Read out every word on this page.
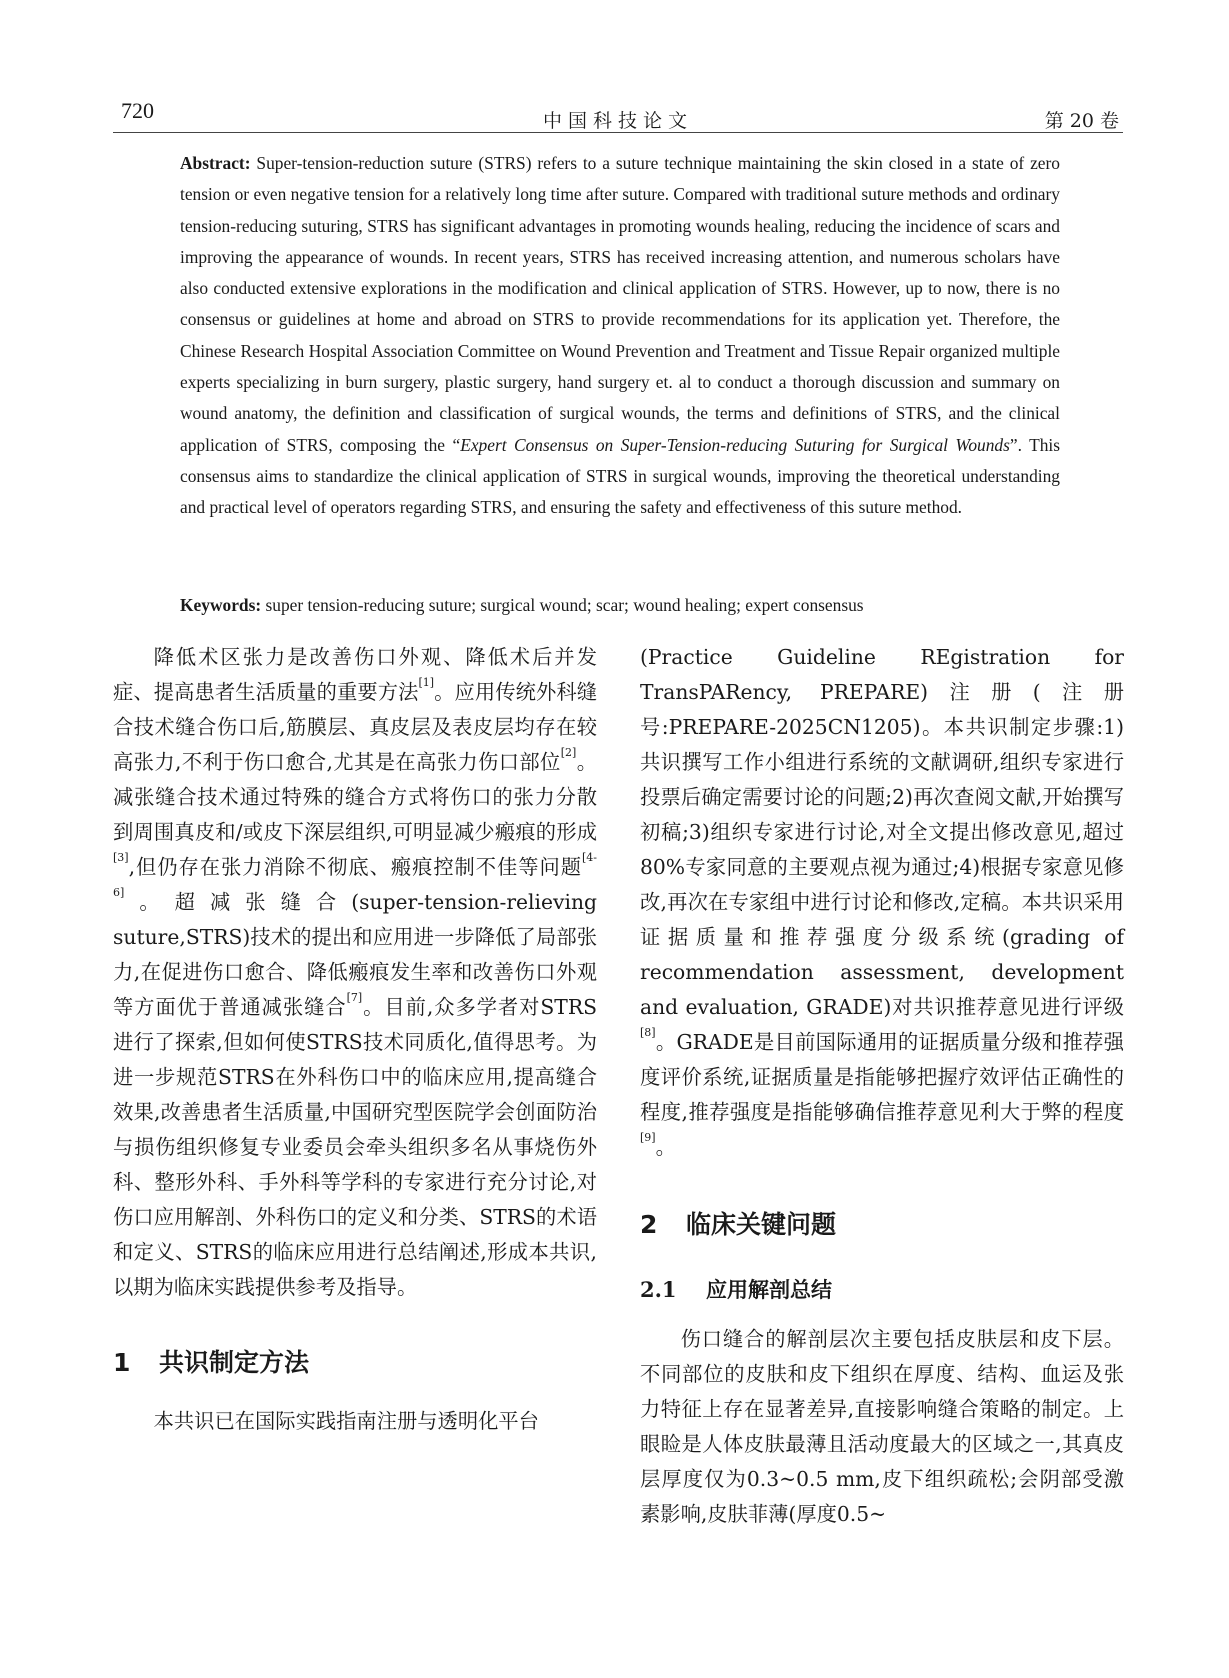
720	中国科技论文	第 20 卷
Abstract: Super-tension-reduction suture (STRS) refers to a suture technique maintaining the skin closed in a state of zero tension or even negative tension for a relatively long time after suture. Compared with traditional suture methods and ordinary tension-reducing suturing, STRS has significant advantages in promoting wounds healing, reducing the incidence of scars and improving the appearance of wounds. In recent years, STRS has received increasing attention, and numerous scholars have also conducted extensive explorations in the modification and clinical application of STRS. However, up to now, there is no consensus or guidelines at home and abroad on STRS to provide recommendations for its application yet. Therefore, the Chinese Research Hospital Association Committee on Wound Prevention and Treatment and Tissue Repair organized multiple experts specializing in burn surgery, plastic surgery, hand surgery et. al to conduct a thorough discussion and summary on wound anatomy, the definition and classification of surgical wounds, the terms and definitions of STRS, and the clinical application of STRS, composing the “Expert Consensus on Super-Tension-reducing Suturing for Surgical Wounds”. This consensus aims to standardize the clinical application of STRS in surgical wounds, improving the theoretical understanding and practical level of operators regarding STRS, and ensuring the safety and effectiveness of this suture method.
Keywords: super tension-reducing suture; surgical wound; scar; wound healing; expert consensus

降低术区张力是改善伤口外观、降低术后并发症、提高患者生活质量的重要方法[1]。应用传统外科缝合技术缝合伤口后,筋膜层、真皮层及表皮层均存在较高张力,不利于伤口愈合,尤其是在高张力伤口部位[2]。减张缝合技术通过特殊的缝合方式将伤口的张力分散到周围真皮和/或皮下深层组织,可明显减少瘢痕的形成[3],但仍存在张力消除不彻底、瘢痕控制不佳等问题[4-6]。超减张缝合(super-tension-relieving suture,STRS)技术的提出和应用进一步降低了局部张力,在促进伤口愈合、降低瘢痕发生率和改善伤口外观等方面优于普通减张缝合[7]。目前,众多学者对STRS进行了探索,但如何使STRS技术同质化,值得思考。为进一步规范STRS在外科伤口中的临床应用,提高缝合效果,改善患者生活质量,中国研究型医院学会创面防治与损伤组织修复专业委员会牵头组织多名从事烧伤外科、整形外科、手外科等学科的专家进行充分讨论,对伤口应用解剖、外科伤口的定义和分类、STRS的术语和定义、STRS的临床应用进行总结阐述,形成本共识,以期为临床实践提供参考及指导。

1 共识制定方法

本共识已在国际实践指南注册与透明化平台

(Practice Guideline REgistration for TransPARency, PREPARE)注册(注册号:PREPARE-2025CN1205)。本共识制定步骤:1)共识撰写工作小组进行系统的文献调研,组织专家进行投票后确定需要讨论的问题;2)再次查阅文献,开始撰写初稿;3)组织专家进行讨论,对全文提出修改意见,超过80%专家同意的主要观点视为通过;4)根据专家意见修改,再次在专家组中进行讨论和修改,定稿。本共识采用证据质量和推荐强度分级系统(grading of recommendation assessment, development and evaluation, GRADE)对共识推荐意见进行评级[8]。GRADE是目前国际通用的证据质量分级和推荐强度评价系统,证据质量是指能够把握疗效评估正确性的程度,推荐强度是指能够确信推荐意见利大于弊的程度[9]。

2 临床关键问题
2.1 应用解剖总结

伤口缝合的解剖层次主要包括皮肤层和皮下层。不同部位的皮肤和皮下组织在厚度、结构、血运及张力特征上存在显著差异,直接影响缝合策略的制定。上眼睑是人体皮肤最薄且活动度最大的区域之一,其真皮层厚度仅为0.3~0.5 mm,皮下组织疏松;会阴部受激素影响,皮肤菲薄(厚度0.5~
